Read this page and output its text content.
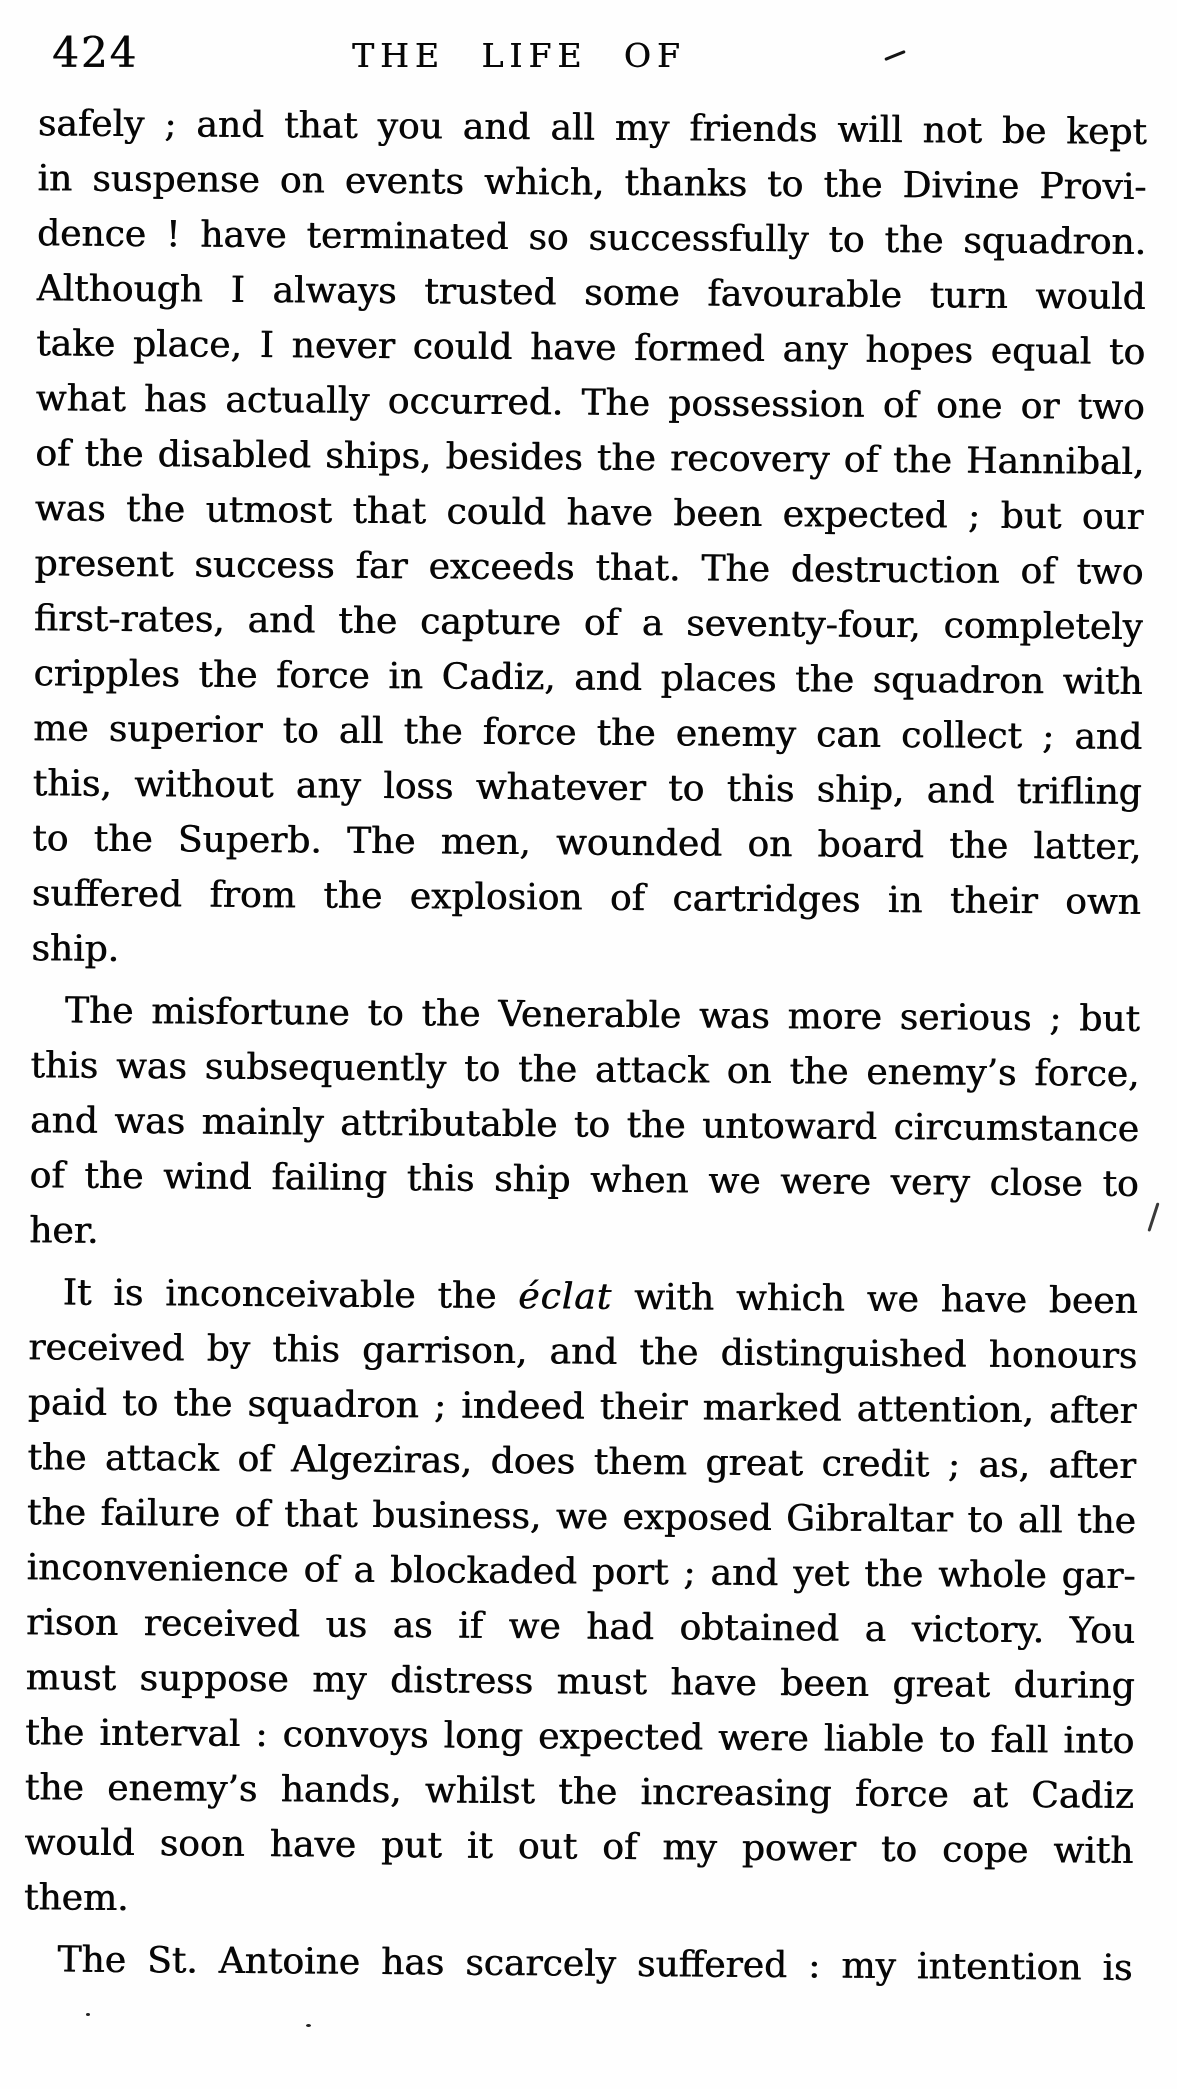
424	THE LIFE OF
safely ; and that you and all my friends will not be kept
in suspense on events which, thanks to the Divine Provi-
dence ! have terminated so successfully to the squadron.
Although I always trusted some favourable turn would
take place, I never could have formed any hopes equal to
what has actually occurred. The possession of one or two
of the disabled ships, besides the recovery of the Hannibal,
was the utmost that could have been expected ; but our
present success far exceeds that. The destruction of two
first-rates, and the capture of a seventy-four, completely
cripples the force in Cadiz, and places the squadron with
me superior to all the force the enemy can collect ; and
this, without any loss whatever to this ship, and trifling
to the Superb. The men, wounded on board the latter,
suffered from the explosion of cartridges in their own
ship.
The misfortune to the Venerable was more serious ; but
this was subsequently to the attack on the enemy’s force,
and was mainly attributable to the untoward circumstance
of the wind failing this ship when we were very close to
her.
It is inconceivable the éclat with which we have been
received by this garrison, and the distinguished honours
paid to the squadron ; indeed their marked attention, after
the attack of Algeziras, does them great credit ; as, after
the failure of that business, we exposed Gibraltar to all the
inconvenience of a blockaded port ; and yet the whole gar-
rison received us as if we had obtained a victory. You
must suppose my distress must have been great during
the interval : convoys long expected were liable to fall into
the enemy’s hands, whilst the increasing force at Cadiz
would soon have put it out of my power to cope with
them.
The St. Antoine has scarcely suffered : my intention is
